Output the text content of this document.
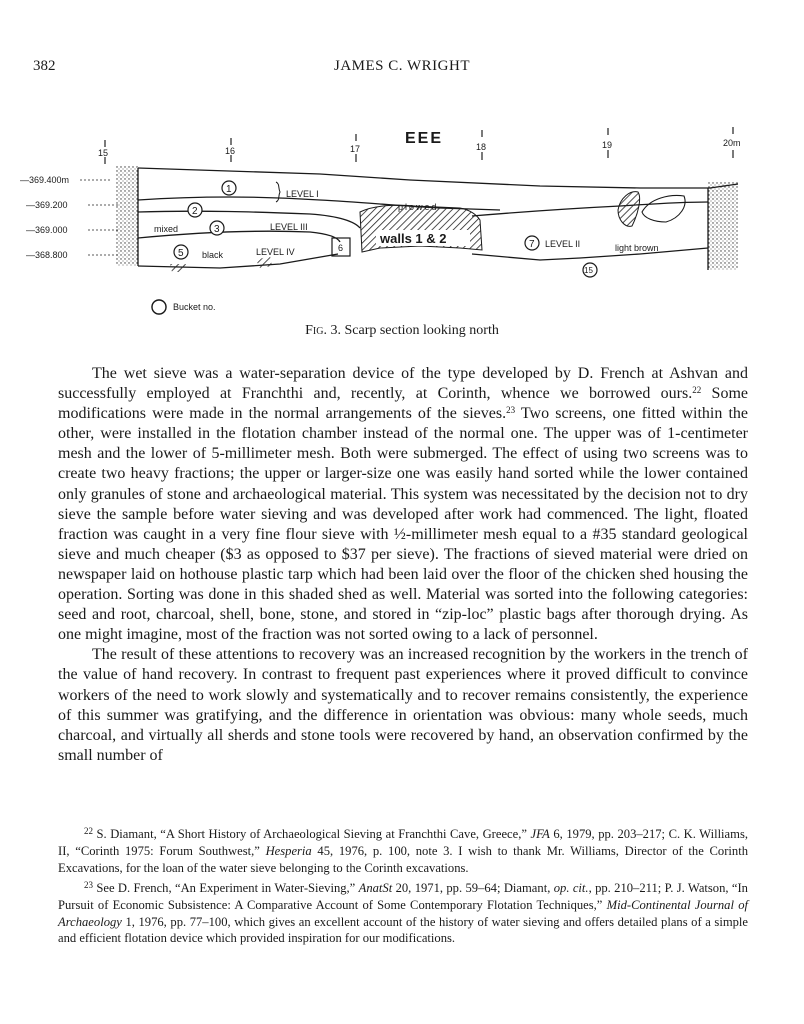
382	JAMES C. WRIGHT
EEE
15	16	17	18	19	20m
—369.400m
—369.200
—369.000
—368.800
1
2
3
5	6	7
15
LEVEL I
plowed
LEVEL III
mixed
black	LEVEL IV
walls 1 & 2	LEVEL II	light brown
Bucket no.
Fig. 3. Scarp section looking north

The wet sieve was a water-separation device of the type developed by D. French at Ashvan and successfully employed at Franchthi and, recently, at Corinth, whence we borrowed ours.$^{22}$ Some modifications were made in the normal arrangements of the sieves.$^{23}$ Two screens, one fitted within the other, were installed in the flotation chamber instead of the normal one. The upper was of 1-centimeter mesh and the lower of 5-millimeter mesh. Both were submerged. The effect of using two screens was to create two heavy fractions; the upper or larger-size one was easily hand sorted while the lower contained only granules of stone and archaeological material. This system was necessitated by the decision not to dry sieve the sample before water sieving and was developed after work had commenced. The light, floated fraction was caught in a very fine flour sieve with ½-millimeter mesh equal to a #35 standard geological sieve and much cheaper ($3 as opposed to $37 per sieve). The fractions of sieved material were dried on newspaper laid on hothouse plastic tarp which had been laid over the floor of the chicken shed housing the operation. Sorting was done in this shaded shed as well. Material was sorted into the following categories: seed and root, charcoal, shell, bone, stone, and stored in “zip-loc” plastic bags after thorough drying. As one might imagine, most of the fraction was not sorted owing to a lack of personnel.

The result of these attentions to recovery was an increased recognition by the workers in the trench of the value of hand recovery. In contrast to frequent past experiences where it proved difficult to convince workers of the need to work slowly and systematically and to recover remains consistently, the experience of this summer was gratifying, and the difference in orientation was obvious: many whole seeds, much charcoal, and virtually all sherds and stone tools were recovered by hand, an observation confirmed by the small number of

$^{22}$ S. Diamant, “A Short History of Archaeological Sieving at Franchthi Cave, Greece,” JFA 6, 1979, pp. 203–217; C. K. Williams, II, “Corinth 1975: Forum Southwest,” Hesperia 45, 1976, p. 100, note 3. I wish to thank Mr. Williams, Director of the Corinth Excavations, for the loan of the water sieve belonging to the Corinth excavations.

$^{23}$ See D. French, “An Experiment in Water-Sieving,” AnatSt 20, 1971, pp. 59–64; Diamant, op. cit., pp. 210–211; P. J. Watson, “In Pursuit of Economic Subsistence: A Comparative Account of Some Contemporary Flotation Techniques,” Mid-Continental Journal of Archaeology 1, 1976, pp. 77–100, which gives an excellent account of the history of water sieving and offers detailed plans of a simple and efficient flotation device which provided inspiration for our modifications.
